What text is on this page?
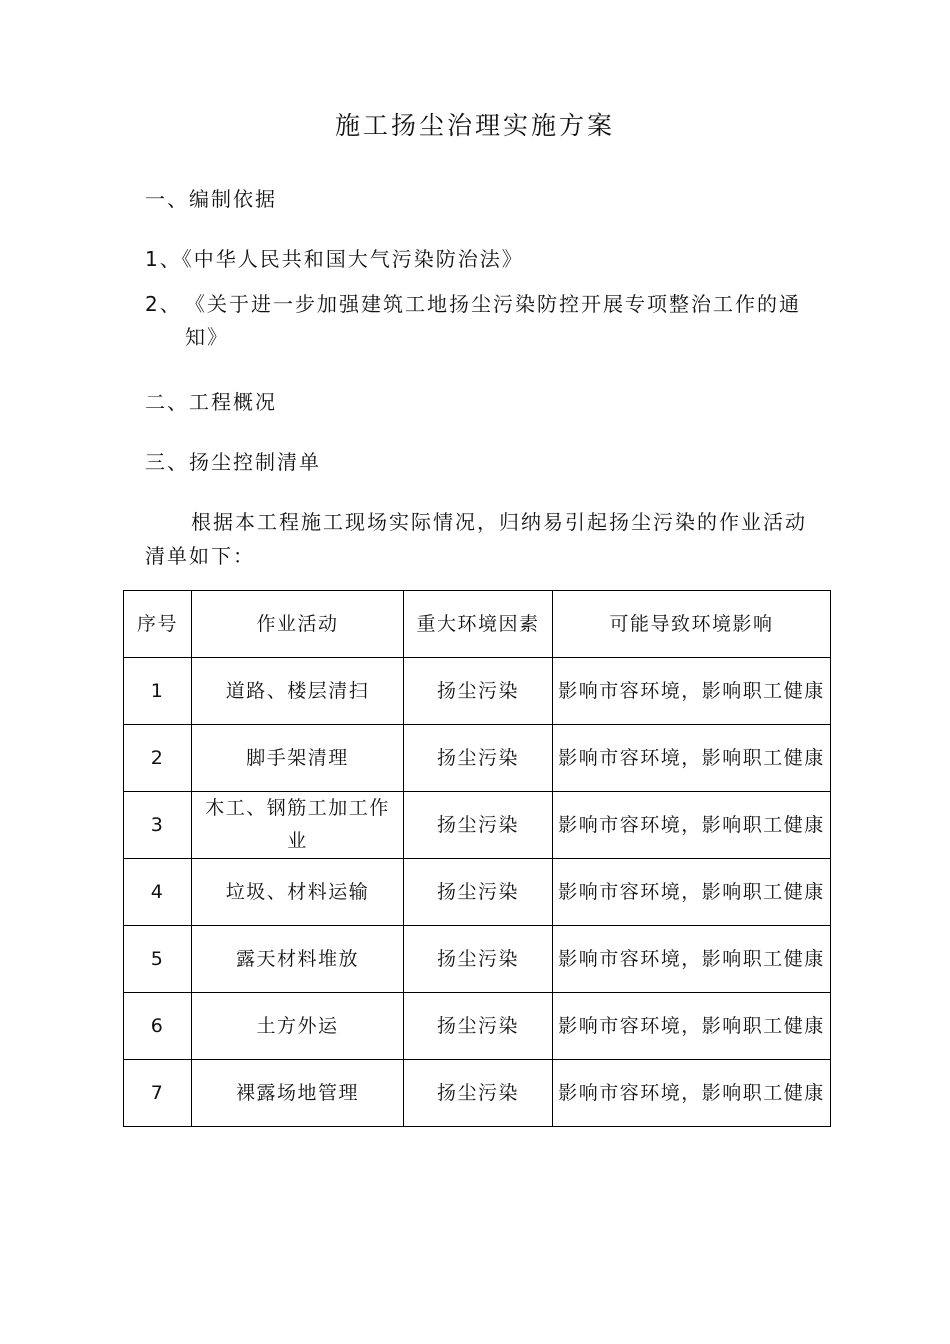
施工扬尘治理实施方案
一、编制依据
1、《中华人民共和国大气污染防治法》
2、 《关于进一步加强建筑工地扬尘污染防控开展专项整治工作的通知》
二、工程概况
三、扬尘控制清单
根据本工程施工现场实际情况，归纳易引起扬尘污染的作业活动清单如下：
序号	作业活动	重大环境因素	可能导致环境影响
1	道路、楼层清扫	扬尘污染	影响市容环境，影响职工健康
2	脚手架清理	扬尘污染	影响市容环境，影响职工健康
3	木工、钢筋工加工作业	扬尘污染	影响市容环境，影响职工健康
4	垃圾、材料运输	扬尘污染	影响市容环境，影响职工健康
5	露天材料堆放	扬尘污染	影响市容环境，影响职工健康
6	土方外运	扬尘污染	影响市容环境，影响职工健康
7	裸露场地管理	扬尘污染	影响市容环境，影响职工健康
